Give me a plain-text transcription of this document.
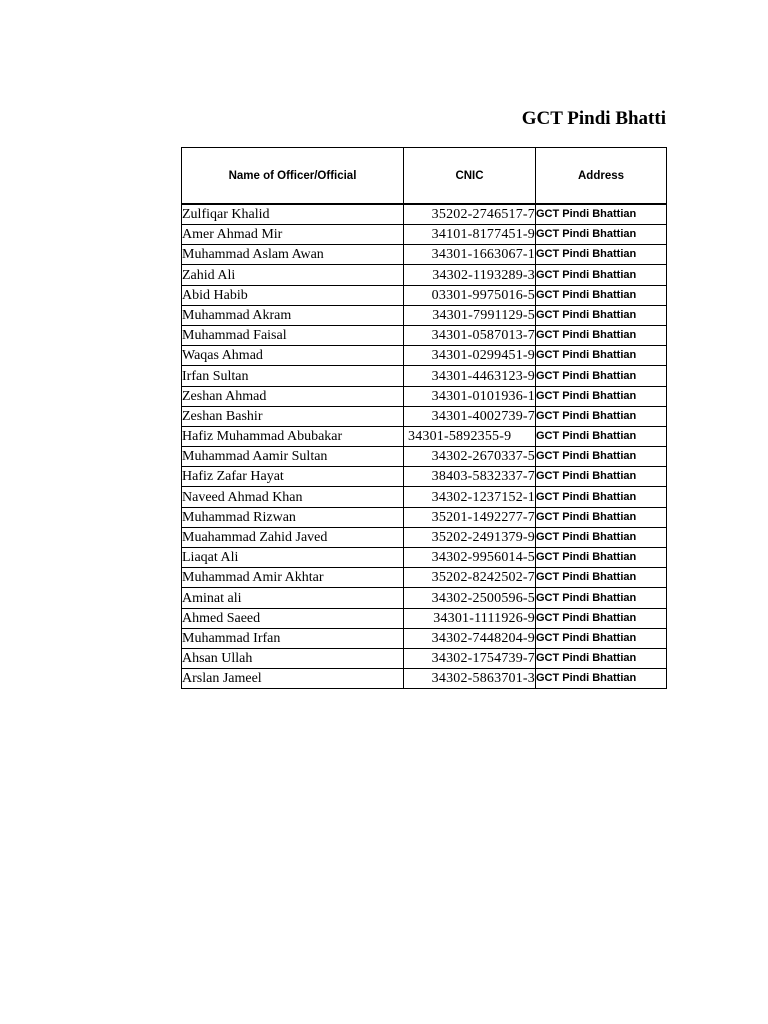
GCT Pindi Bhatti
Name of Officer/Official	CNIC	Address
Zulfiqar Khalid	35202-2746517-7	GCT Pindi Bhattian
Amer Ahmad Mir	34101-8177451-9	GCT Pindi Bhattian
Muhammad Aslam Awan	34301-1663067-1	GCT Pindi Bhattian
Zahid Ali	34302-1193289-3	GCT Pindi Bhattian
Abid Habib	03301-9975016-5	GCT Pindi Bhattian
Muhammad Akram	34301-7991129-5	GCT Pindi Bhattian
Muhammad Faisal	34301-0587013-7	GCT Pindi Bhattian
Waqas Ahmad	34301-0299451-9	GCT Pindi Bhattian
Irfan Sultan	34301-4463123-9	GCT Pindi Bhattian
Zeshan Ahmad	34301-0101936-1	GCT Pindi Bhattian
Zeshan Bashir	34301-4002739-7	GCT Pindi Bhattian
Hafiz Muhammad Abubakar	34301-5892355-9	GCT Pindi Bhattian
Muhammad Aamir Sultan	34302-2670337-5	GCT Pindi Bhattian
Hafiz Zafar Hayat	38403-5832337-7	GCT Pindi Bhattian
Naveed Ahmad Khan	34302-1237152-1	GCT Pindi Bhattian
Muhammad Rizwan	35201-1492277-7	GCT Pindi Bhattian
Muahammad Zahid Javed	35202-2491379-9	GCT Pindi Bhattian
Liaqat Ali	34302-9956014-5	GCT Pindi Bhattian
Muhammad Amir Akhtar	35202-8242502-7	GCT Pindi Bhattian
Aminat ali	34302-2500596-5	GCT Pindi Bhattian
Ahmed Saeed	34301-1111926-9	GCT Pindi Bhattian
Muhammad Irfan	34302-7448204-9	GCT Pindi Bhattian
Ahsan Ullah	34302-1754739-7	GCT Pindi Bhattian
Arslan Jameel	34302-5863701-3	GCT Pindi Bhattian
